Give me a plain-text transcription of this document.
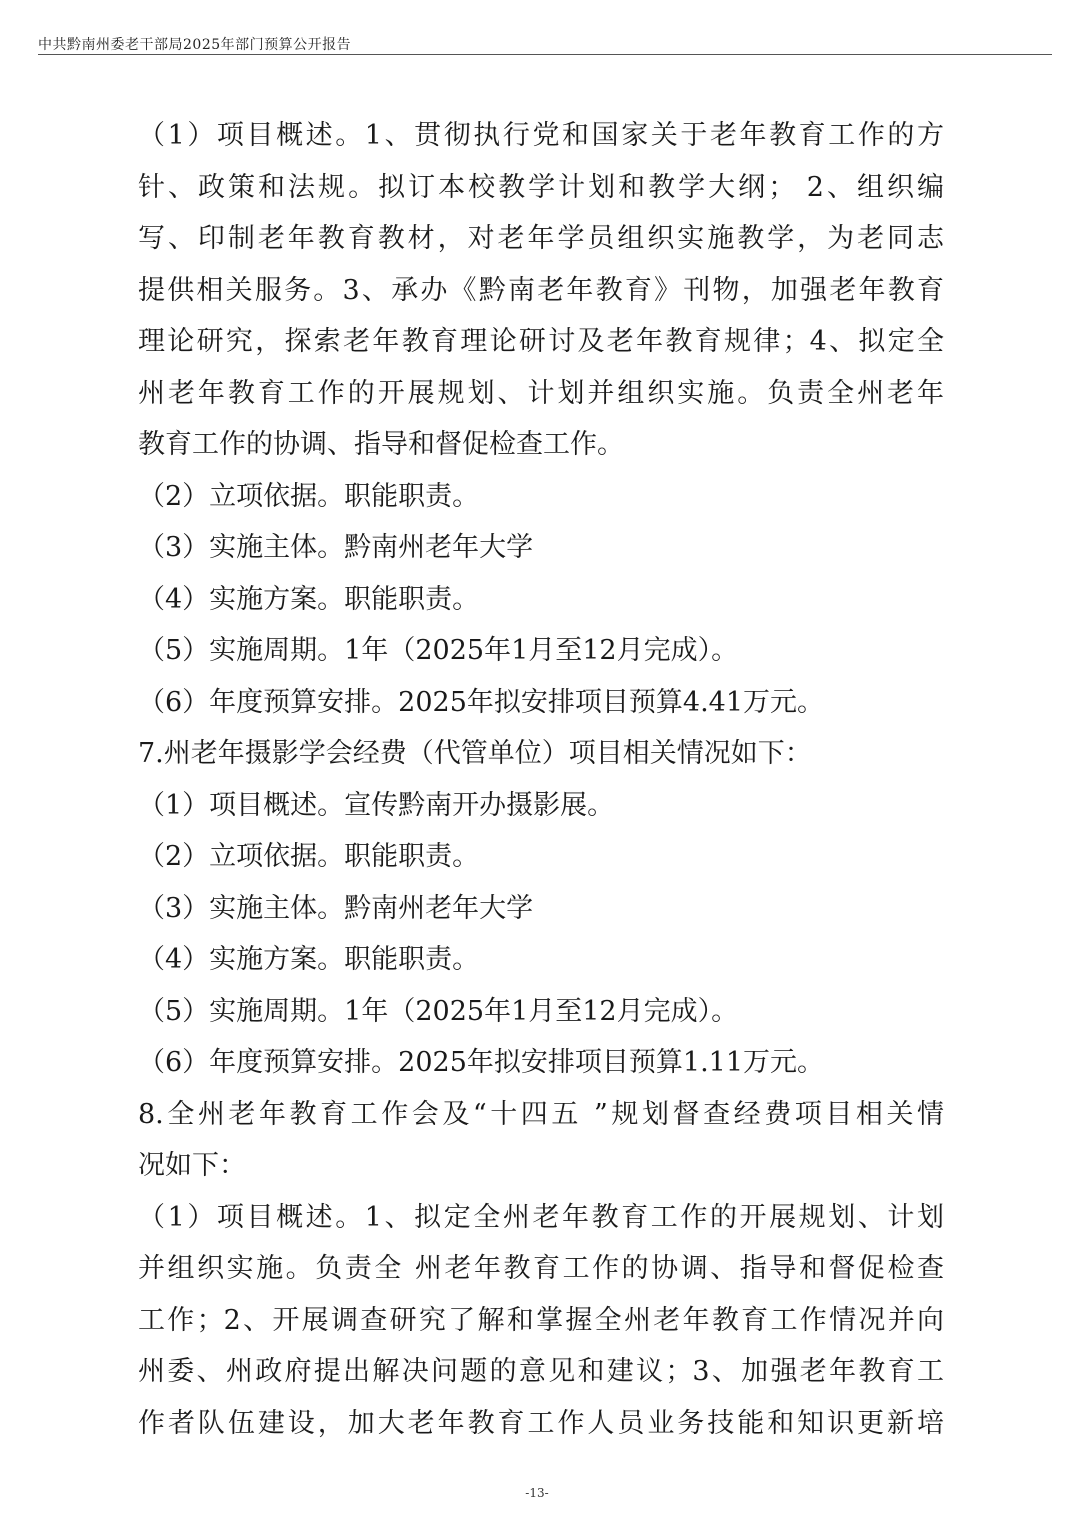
中共黔南州委老干部局2025年部门预算公开报告
（1）项目概述。1、贯彻执行党和国家关于老年教育工作的方
针、政策和法规。拟订本校教学计划和教学大纲； 2、组织编
写、印制老年教育教材，对老年学员组织实施教学，为老同志
提供相关服务。3、承办《黔南老年教育》刊物，加强老年教育
理论研究，探索老年教育理论研讨及老年教育规律；4、拟定全
州老年教育工作的开展规划、计划并组织实施。负责全州老年
教育工作的协调、指导和督促检查工作。
（2）立项依据。职能职责。
（3）实施主体。黔南州老年大学
（4）实施方案。职能职责。
（5）实施周期。1年（2025年1月至12月完成）。
（6）年度预算安排。2025年拟安排项目预算4.41万元。
7.州老年摄影学会经费（代管单位）项目相关情况如下：
（1）项目概述。宣传黔南开办摄影展。
（2）立项依据。职能职责。
（3）实施主体。黔南州老年大学
（4）实施方案。职能职责。
（5）实施周期。1年（2025年1月至12月完成）。
（6）年度预算安排。2025年拟安排项目预算1.11万元。
8.全州老年教育工作会及“十四五 ”规划督查经费项目相关情
况如下：
（1）项目概述。1、拟定全州老年教育工作的开展规划、计划
并组织实施。负责全 州老年教育工作的协调、指导和督促检查
工作；2、开展调查研究了解和掌握全州老年教育工作情况并向
州委、州政府提出解决问题的意见和建议；3、加强老年教育工
作者队伍建设，加大老年教育工作人员业务技能和知识更新培
-13-
